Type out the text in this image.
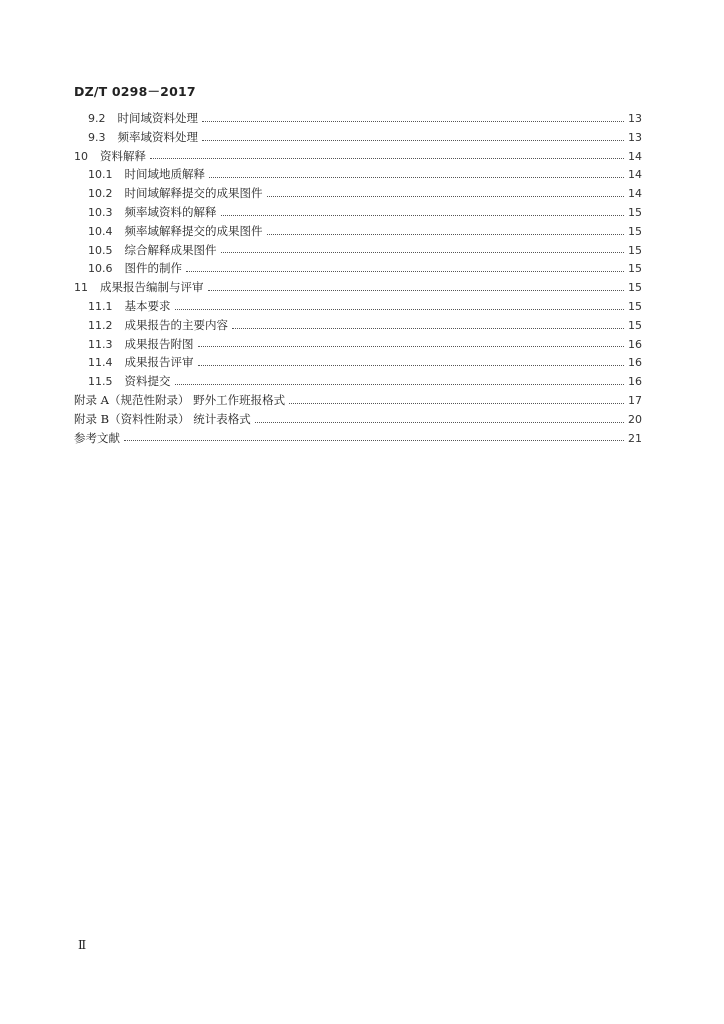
DZ/T 0298－2017
9.2 时间域资料处理	13
9.3 频率域资料处理	13
10 资料解释	14
10.1 时间域地质解释	14
10.2 时间域解释提交的成果图件	14
10.3 频率域资料的解释	15
10.4 频率域解释提交的成果图件	15
10.5 综合解释成果图件	15
10.6 图件的制作	15
11 成果报告编制与评审	15
11.1 基本要求	15
11.2 成果报告的主要内容	15
11.3 成果报告附图	16
11.4 成果报告评审	16
11.5 资料提交	16
附录 A（规范性附录） 野外工作班报格式	17
附录 B（资料性附录） 统计表格式	20
参考文献	21
Ⅱ
